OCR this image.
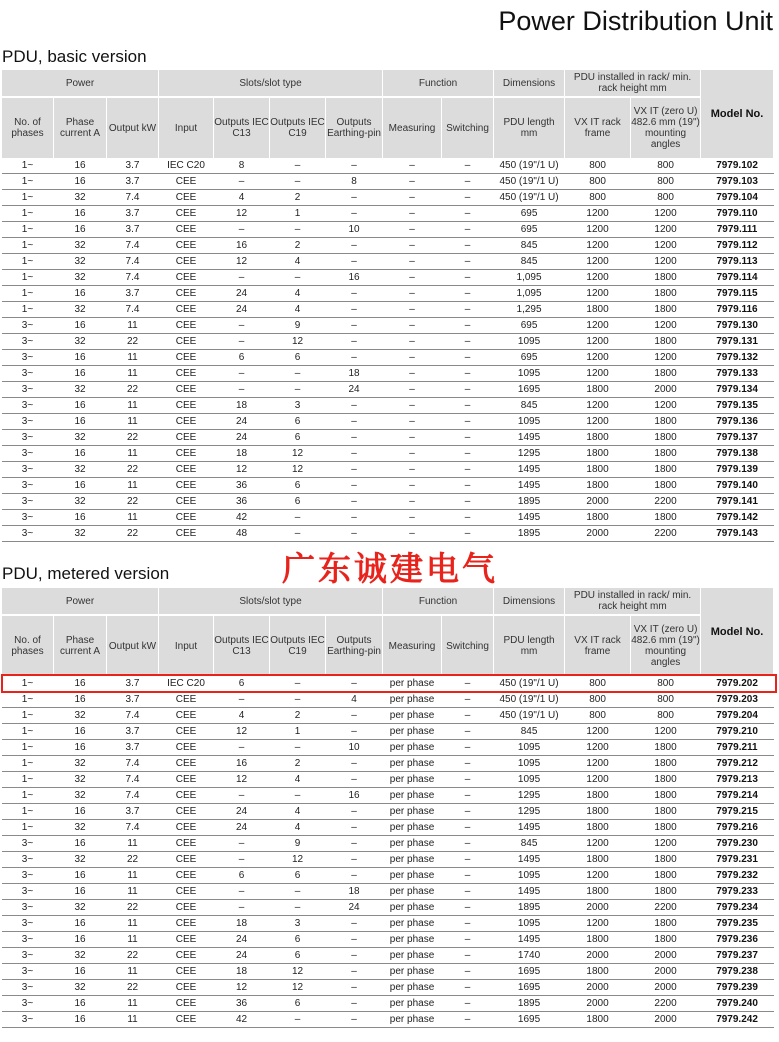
Power Distribution Unit
PDU, basic version
Power			Slots/slot type				Function		Dimensions	PDU installed in rack/ min. rack height mm		Model No.
No. of phases	Phase current A	Output kW	Input	Outputs IEC C13	Outputs IEC C19	Outputs Earthing-pin	Measuring	Switching	PDU length mm	VX IT rack frame	VX IT (zero U) 482.6 mm (19") mounting angles	
1~	16	3.7	IEC C20	8	–	–	–	–	450 (19"/1 U)	800	800	7979.102
1~	16	3.7	CEE	–	–	8	–	–	450 (19"/1 U)	800	800	7979.103
1~	32	7.4	CEE	4	2	–	–	–	450 (19"/1 U)	800	800	7979.104
1~	16	3.7	CEE	12	1	–	–	–	695	1200	1200	7979.110
1~	16	3.7	CEE	–	–	10	–	–	695	1200	1200	7979.111
1~	32	7.4	CEE	16	2	–	–	–	845	1200	1200	7979.112
1~	32	7.4	CEE	12	4	–	–	–	845	1200	1200	7979.113
1~	32	7.4	CEE	–	–	16	–	–	1,095	1200	1800	7979.114
1~	16	3.7	CEE	24	4	–	–	–	1,095	1200	1800	7979.115
1~	32	7.4	CEE	24	4	–	–	–	1,295	1800	1800	7979.116
3~	16	11	CEE	–	9	–	–	–	695	1200	1200	7979.130
3~	32	22	CEE	–	12	–	–	–	1095	1200	1800	7979.131
3~	16	11	CEE	6	6	–	–	–	695	1200	1200	7979.132
3~	16	11	CEE	–	–	18	–	–	1095	1200	1800	7979.133
3~	32	22	CEE	–	–	24	–	–	1695	1800	2000	7979.134
3~	16	11	CEE	18	3	–	–	–	845	1200	1200	7979.135
3~	16	11	CEE	24	6	–	–	–	1095	1200	1800	7979.136
3~	32	22	CEE	24	6	–	–	–	1495	1800	1800	7979.137
3~	16	11	CEE	18	12	–	–	–	1295	1800	1800	7979.138
3~	32	22	CEE	12	12	–	–	–	1495	1800	1800	7979.139
3~	16	11	CEE	36	6	–	–	–	1495	1800	1800	7979.140
3~	32	22	CEE	36	6	–	–	–	1895	2000	2200	7979.141
3~	16	11	CEE	42	–	–	–	–	1495	1800	1800	7979.142
3~	32	22	CEE	48	–	–	–	–	1895	2000	2200	7979.143
PDU, metered version	广东诚建电气
Power			Slots/slot type				Function		Dimensions	PDU installed in rack/ min. rack height mm		Model No.
No. of phases	Phase current A	Output kW	Input	Outputs IEC C13	Outputs IEC C19	Outputs Earthing-pin	Measuring	Switching	PDU length mm	VX IT rack frame	VX IT (zero U) 482.6 mm (19") mounting angles	
1~	16	3.7	IEC C20	6	–	–	per phase	–	450 (19"/1 U)	800	800	7979.202
1~	16	3.7	CEE	–	–	4	per phase	–	450 (19"/1 U)	800	800	7979.203
1~	32	7.4	CEE	4	2	–	per phase	–	450 (19"/1 U)	800	800	7979.204
1~	16	3.7	CEE	12	1	–	per phase	–	845	1200	1200	7979.210
1~	16	3.7	CEE	–	–	10	per phase	–	1095	1200	1800	7979.211
1~	32	7.4	CEE	16	2	–	per phase	–	1095	1200	1800	7979.212
1~	32	7.4	CEE	12	4	–	per phase	–	1095	1200	1800	7979.213
1~	32	7.4	CEE	–	–	16	per phase	–	1295	1800	1800	7979.214
1~	16	3.7	CEE	24	4	–	per phase	–	1295	1800	1800	7979.215
1~	32	7.4	CEE	24	4	–	per phase	–	1495	1800	1800	7979.216
3~	16	11	CEE	–	9	–	per phase	–	845	1200	1200	7979.230
3~	32	22	CEE	–	12	–	per phase	–	1495	1800	1800	7979.231
3~	16	11	CEE	6	6	–	per phase	–	1095	1200	1800	7979.232
3~	16	11	CEE	–	–	18	per phase	–	1495	1800	1800	7979.233
3~	32	22	CEE	–	–	24	per phase	–	1895	2000	2200	7979.234
3~	16	11	CEE	18	3	–	per phase	–	1095	1200	1800	7979.235
3~	16	11	CEE	24	6	–	per phase	–	1495	1800	1800	7979.236
3~	32	22	CEE	24	6	–	per phase	–	1740	2000	2000	7979.237
3~	16	11	CEE	18	12	–	per phase	–	1695	1800	2000	7979.238
3~	32	22	CEE	12	12	–	per phase	–	1695	2000	2000	7979.239
3~	16	11	CEE	36	6	–	per phase	–	1895	2000	2200	7979.240
3~	16	11	CEE	42	–	–	per phase	–	1695	1800	2000	7979.242
